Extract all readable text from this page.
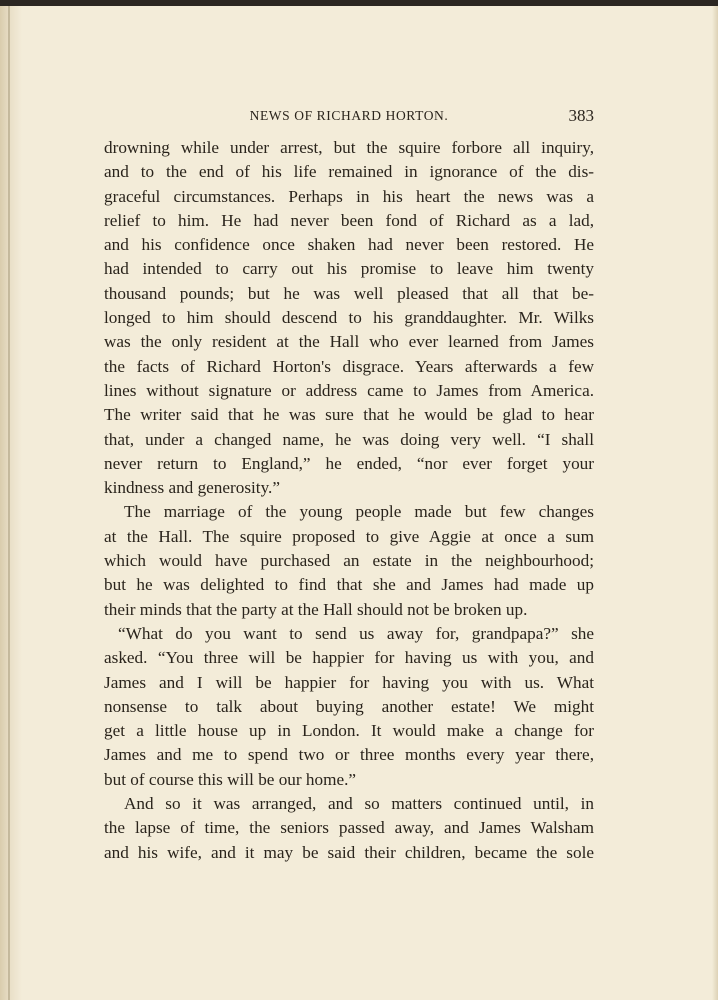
NEWS OF RICHARD HORTON.	383

drowning while under arrest, but the squire forbore all inquiry,

and to the end of his life remained in ignorance of the dis-

graceful circumstances. Perhaps in his heart the news was a

relief to him. He had never been fond of Richard as a lad,

and his confidence once shaken had never been restored. He

had intended to carry out his promise to leave him twenty

thousand pounds; but he was well pleased that all that be-

longed to him should descend to his granddaughter. Mr. Wilks

was the only resident at the Hall who ever learned from James

the facts of Richard Horton's disgrace. Years afterwards a few

lines without signature or address came to James from America.

The writer said that he was sure that he would be glad to hear

that, under a changed name, he was doing very well. “I shall

never return to England,” he ended, “nor ever forget your

kindness and generosity.”

The marriage of the young people made but few changes

at the Hall. The squire proposed to give Aggie at once a sum

which would have purchased an estate in the neighbourhood;

but he was delighted to find that she and James had made up

their minds that the party at the Hall should not be broken up.

“What do you want to send us away for, grandpapa?” she

asked. “You three will be happier for having us with you, and

James and I will be happier for having you with us. What

nonsense to talk about buying another estate! We might

get a little house up in London. It would make a change for

James and me to spend two or three months every year there,

but of course this will be our home.”

And so it was arranged, and so matters continued until, in

the lapse of time, the seniors passed away, and James Walsham

and his wife, and it may be said their children, became the sole
